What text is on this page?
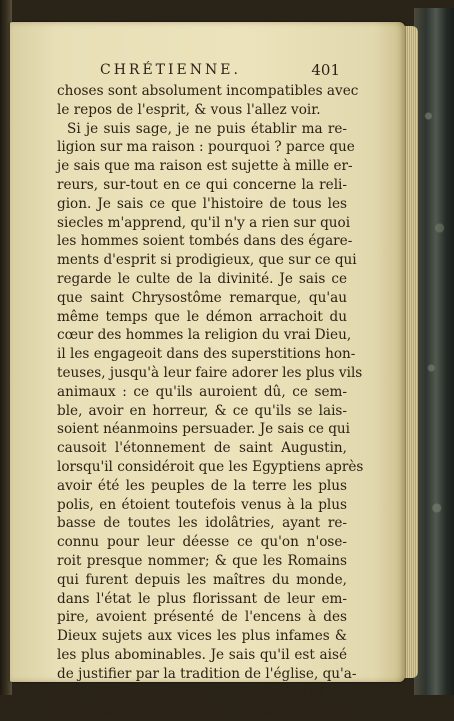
CHRÉTIENNE.	401
choses sont absolument incompatibles avec
le repos de l'esprit, & vous l'allez voir.
Si je suis sage, je ne puis établir ma re-
ligion sur ma raison : pourquoi ? parce que
je sais que ma raison est sujette à mille er-
reurs, sur-tout en ce qui concerne la reli-
gion. Je sais ce que l'histoire de tous les
siecles m'apprend, qu'il n'y a rien sur quoi
les hommes soient tombés dans des égare-
ments d'esprit si prodigieux, que sur ce qui
regarde le culte de la divinité. Je sais ce
que saint Chrysostôme remarque, qu'au
même temps que le démon arrachoit du
cœur des hommes la religion du vrai Dieu,
il les engageoit dans des superstitions hon-
teuses, jusqu'à leur faire adorer les plus vils
animaux : ce qu'ils auroient dû, ce sem-
ble, avoir en horreur, & ce qu'ils se lais-
soient néanmoins persuader. Je sais ce qui
causoit l'étonnement de saint Augustin,
lorsqu'il considéroit que les Egyptiens après
avoir été les peuples de la terre les plus
polis, en étoient toutefois venus à la plus
basse de toutes les idolâtries, ayant re-
connu pour leur déesse ce qu'on n'ose-
roit presque nommer; & que les Romains
qui furent depuis les maîtres du monde,
dans l'état le plus florissant de leur em-
pire, avoient présenté de l'encens à des
Dieux sujets aux vices les plus infames &
les plus abominables. Je sais qu'il est aisé
de justifier par la tradition de l'église, qu'a-
près la venue même de Jesus-Christ, il
n'y a point eu d'hérésie si extravagante,
